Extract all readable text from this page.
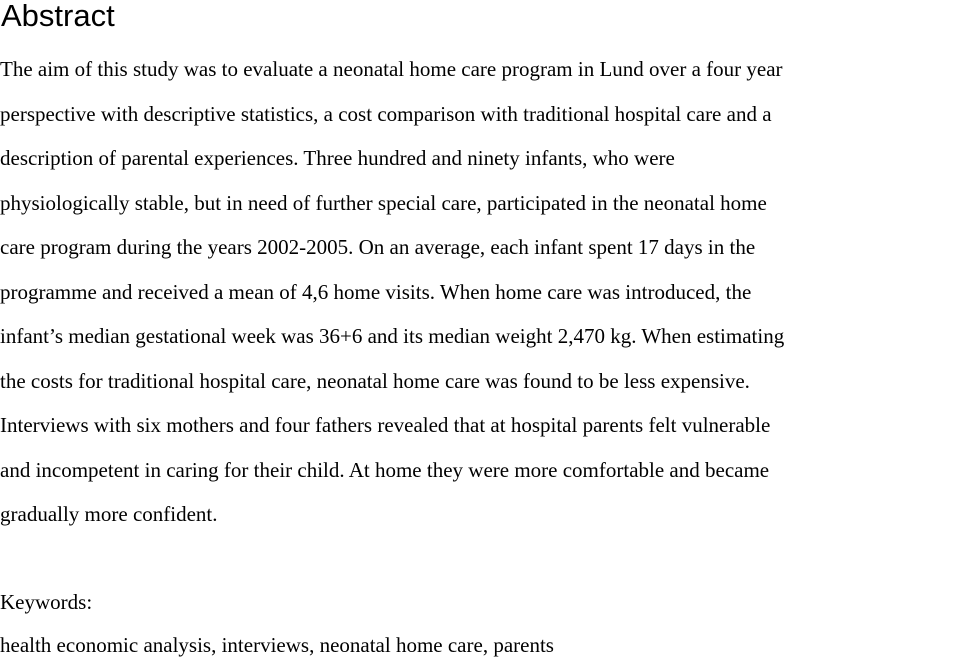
Abstract
The aim of this study was to evaluate a neonatal home care program in Lund over a four year
perspective with descriptive statistics, a cost comparison with traditional hospital care and a
description of parental experiences. Three hundred and ninety infants, who were
physiologically stable, but in need of further special care, participated in the neonatal home
care program during the years 2002-2005. On an average, each infant spent 17 days in the
programme and received a mean of 4,6 home visits. When home care was introduced, the
infant’s median gestational week was 36+6 and its median weight 2,470 kg. When estimating
the costs for traditional hospital care, neonatal home care was found to be less expensive.
Interviews with six mothers and four fathers revealed that at hospital parents felt vulnerable
and incompetent in caring for their child. At home they were more comfortable and became
gradually more confident.

Keywords:

health economic analysis, interviews, neonatal home care, parents
